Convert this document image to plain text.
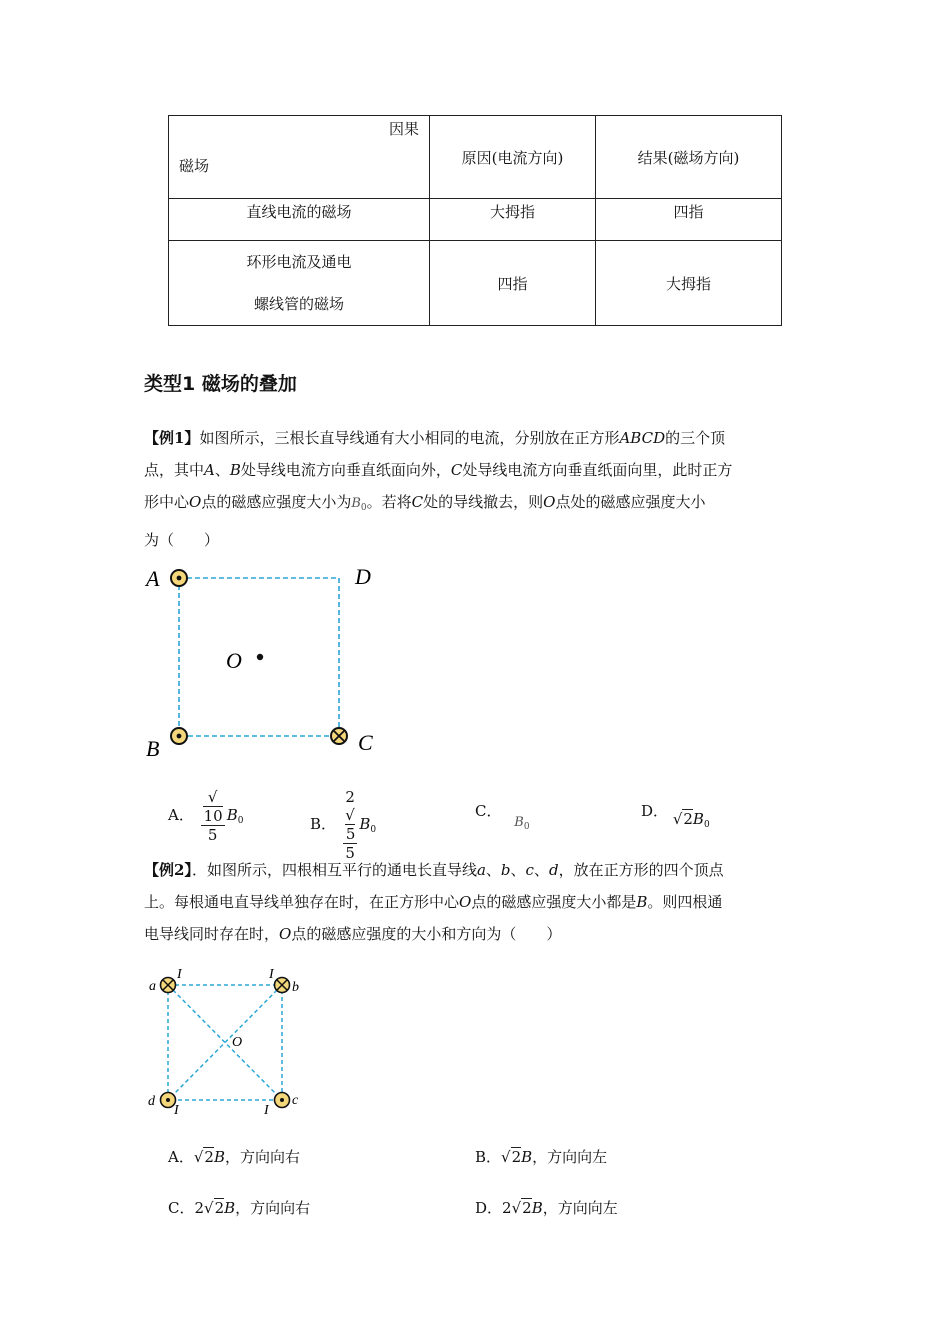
因果
磁场	原因(电流方向)	结果(磁场方向)
直线电流的磁场	大拇指	四指

环形电流及通电
螺线管的磁场	四指	大拇指
类型1 磁场的叠加
【例1】如图所示，三根长直导线通有大小相同的电流，分别放在正方形ABCD的三个顶
点，其中A、B处导线电流方向垂直纸面向外，C处导线电流方向垂直纸面向里，此时正方
形中心O点的磁感应强度大小为$B_0$。若将C处的导线撤去，则O点处的磁感应强度大小
为（　　）
A	D
B	C
O
A． √
10
5 $B_0$	B． 2
√
5
5 $B_0$
C． $B_0$
D． $√2B_0$
【例2】．如图所示，四根相互平行的通电长直导线a、b、c、d，放在正方形的四个顶点
上。每根通电直导线单独存在时，在正方形中心O点的磁感应强度大小都是B。则四根通
电导线同时存在时，O点的磁感应强度的大小和方向为（　　）
a
I	I
b
d
I	I
c
O
A．√2B，方向向右	B．√2B，方向向左
C．2√2B，方向向右	D．2√2B，方向向左
